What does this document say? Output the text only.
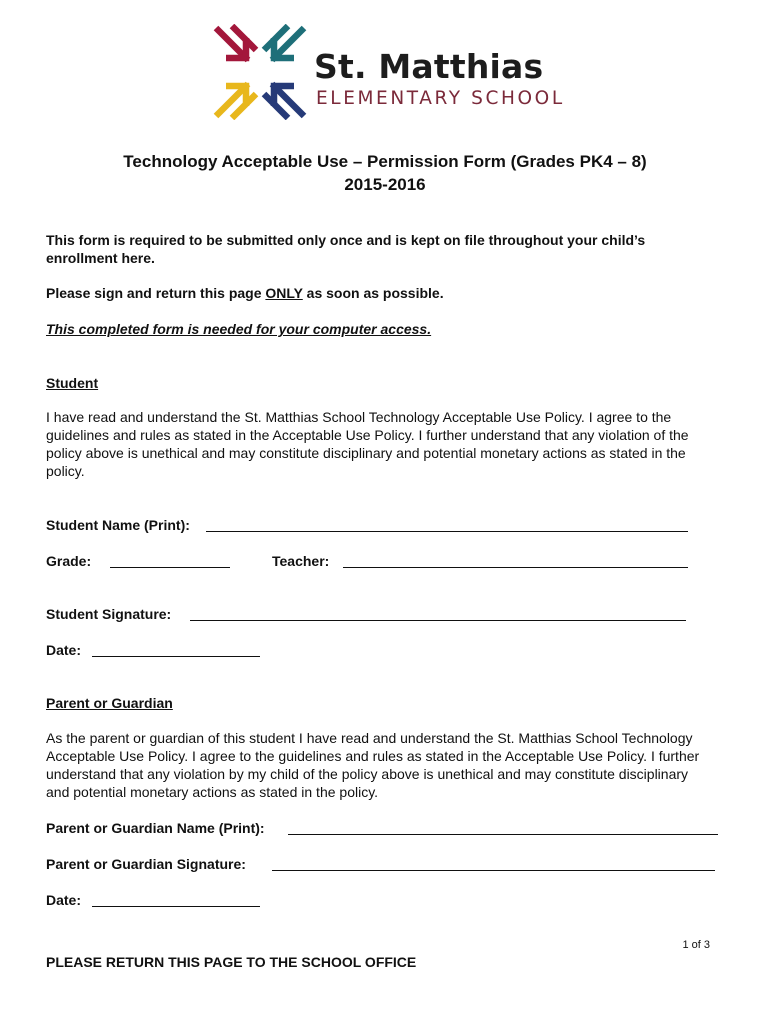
St. Matthias
ELEMENTARY SCHOOL
Technology Acceptable Use – Permission Form (Grades PK4 – 8)
2015-2016
This form is required to be submitted only once and is kept on file throughout your child’s enrollment here.
Please sign and return this page ONLY as soon as possible.
This completed form is needed for your computer access.
Student
I have read and understand the St. Matthias School Technology Acceptable Use Policy. I agree to the guidelines and rules as stated in the Acceptable Use Policy. I further understand that any violation of the policy above is unethical and may constitute disciplinary and potential monetary actions as stated in the policy.
Student Name (Print):
Grade:	Teacher:
Student Signature:
Date:
Parent or Guardian
As the parent or guardian of this student I have read and understand the St. Matthias School Technology Acceptable Use Policy. I agree to the guidelines and rules as stated in the Acceptable Use Policy. I further understand that any violation by my child of the policy above is unethical and may constitute disciplinary and potential monetary actions as stated in the policy.
Parent or Guardian Name (Print):
Parent or Guardian Signature:
Date:
1 of 3
PLEASE RETURN THIS PAGE TO THE SCHOOL OFFICE
